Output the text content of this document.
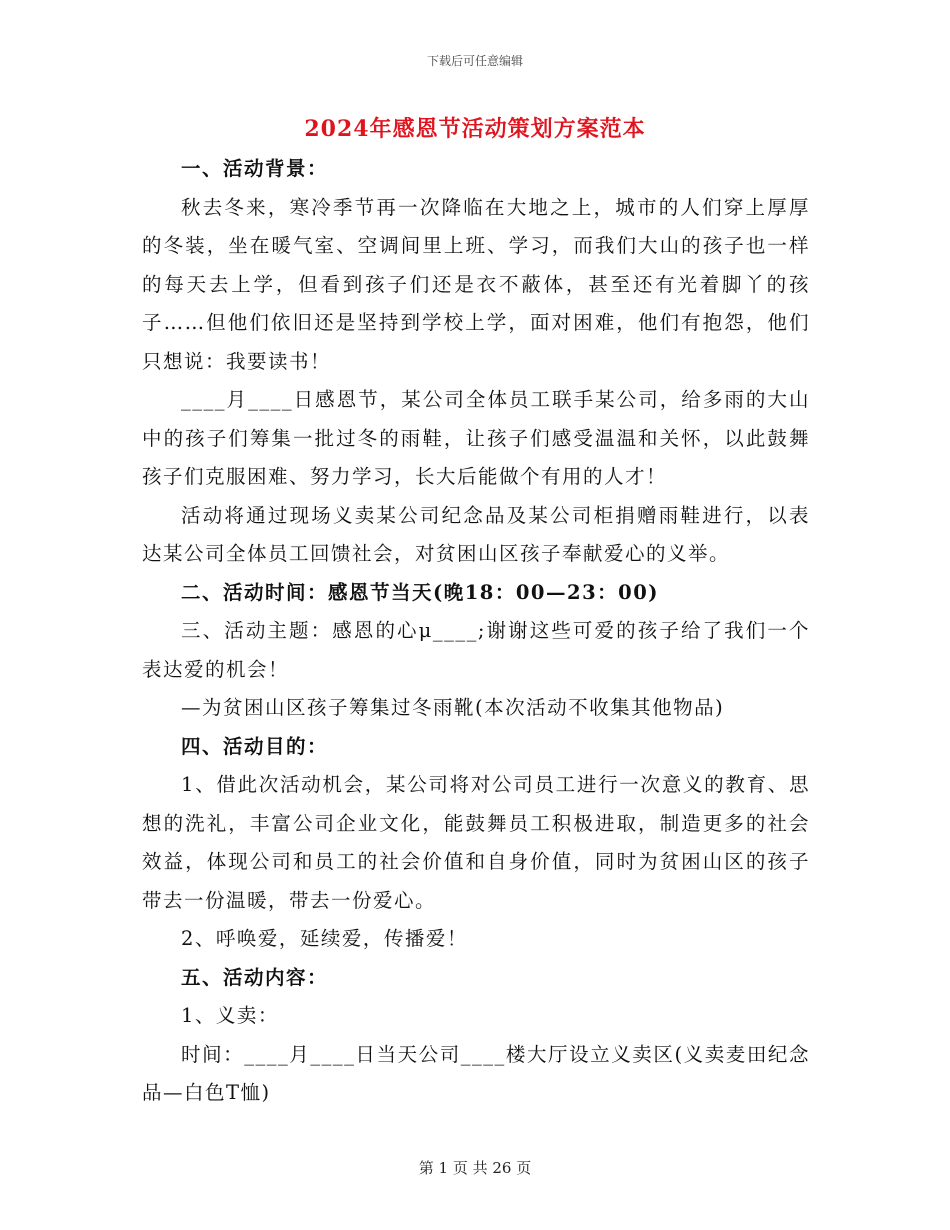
下载后可任意编辑
2024年感恩节活动策划方案范本

一、活动背景：

秋去冬来，寒冷季节再一次降临在大地之上，城市的人们穿上厚厚的冬装，坐在暖气室、空调间里上班、学习，而我们大山的孩子也一样的每天去上学，但看到孩子们还是衣不蔽体，甚至还有光着脚丫的孩子……但他们依旧还是坚持到学校上学，面对困难，他们有抱怨，他们只想说：我要读书！

____月____日感恩节，某公司全体员工联手某公司，给多雨的大山中的孩子们筹集一批过冬的雨鞋，让孩子们感受温温和关怀，以此鼓舞孩子们克服困难、努力学习，长大后能做个有用的人才！

活动将通过现场义卖某公司纪念品及某公司柜捐赠雨鞋进行，以表达某公司全体员工回馈社会，对贫困山区孩子奉献爱心的义举。

二、活动时间：感恩节当天(晚18：00—23：00)

三、活动主题：感恩的心μ____;谢谢这些可爱的孩子给了我们一个表达爱的机会！

—为贫困山区孩子筹集过冬雨靴(本次活动不收集其他物品)

四、活动目的：

1、借此次活动机会，某公司将对公司员工进行一次意义的教育、思想的洗礼，丰富公司企业文化，能鼓舞员工积极进取，制造更多的社会效益，体现公司和员工的社会价值和自身价值，同时为贫困山区的孩子带去一份温暖，带去一份爱心。

2、呼唤爱，延续爱，传播爱！

五、活动内容：

1、义卖：

时间：____月____日当天公司____楼大厅设立义卖区(义卖麦田纪念品—白色T恤)

第 1 页 共 26 页
